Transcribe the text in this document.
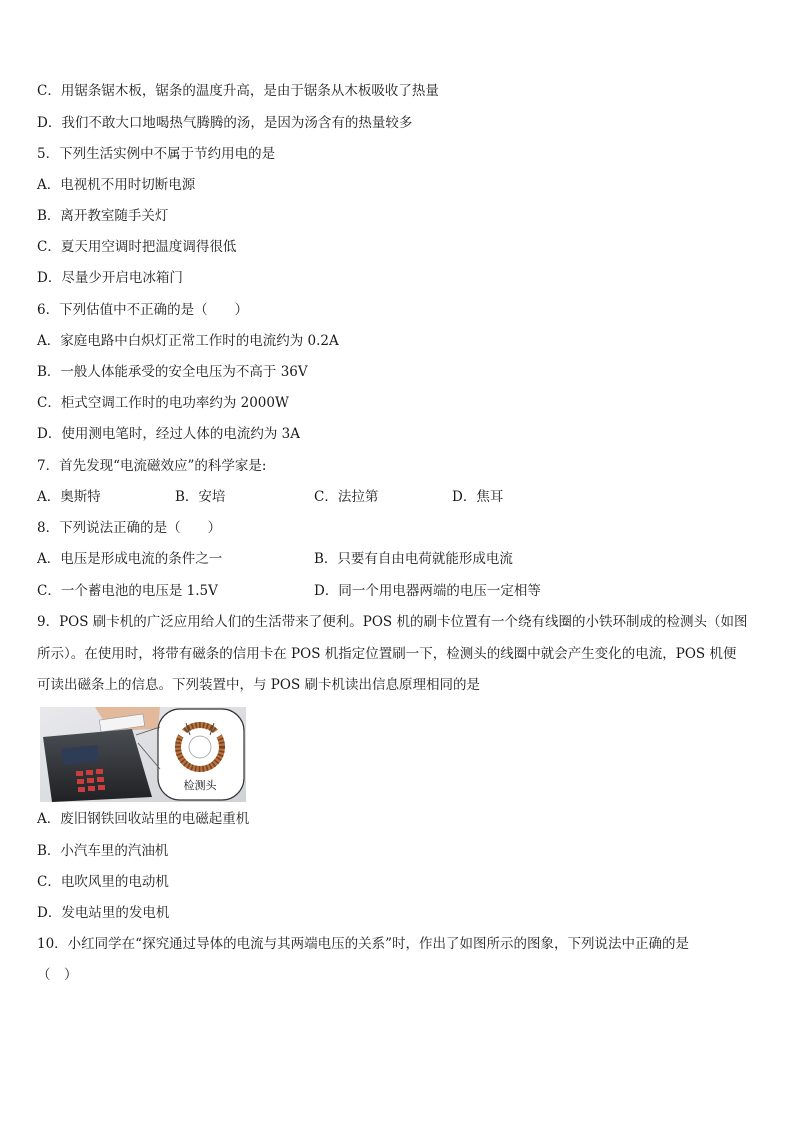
C．用锯条锯木板，锯条的温度升高，是由于锯条从木板吸收了热量
D．我们不敢大口地喝热气腾腾的汤，是因为汤含有的热量较多
5．下列生活实例中不属于节约用电的是
A．电视机不用时切断电源
B．离开教室随手关灯
C．夏天用空调时把温度调得很低
D．尽量少开启电冰箱门
6．下列估值中不正确的是（　　）
A．家庭电路中白炽灯正常工作时的电流约为 0.2A
B．一般人体能承受的安全电压为不高于 36V
C．柜式空调工作时的电功率约为 2000W
D．使用测电笔时，经过人体的电流约为 3A
7．首先发现“电流磁效应”的科学家是:
A．奥斯特	B．安培	C．法拉第	D．焦耳
8．下列说法正确的是（　　）
A．电压是形成电流的条件之一	B．只要有自由电荷就能形成电流
C．一个蓄电池的电压是 1.5V	D．同一个用电器两端的电压一定相等
9．POS 刷卡机的广泛应用给人们的生活带来了便利。POS 机的刷卡位置有一个绕有线圈的小铁环制成的检测头（如图
所示）。在使用时，将带有磁条的信用卡在 POS 机指定位置刷一下，检测头的线圈中就会产生变化的电流，POS 机便
可读出磁条上的信息。下列装置中，与 POS 刷卡机读出信息原理相同的是
检测头
A．废旧钢铁回收站里的电磁起重机
B．小汽车里的汽油机
C．电吹风里的电动机
D．发电站里的发电机
10．小红同学在“探究通过导体的电流与其两端电压的关系”时，作出了如图所示的图象，下列说法中正确的是
（　）
